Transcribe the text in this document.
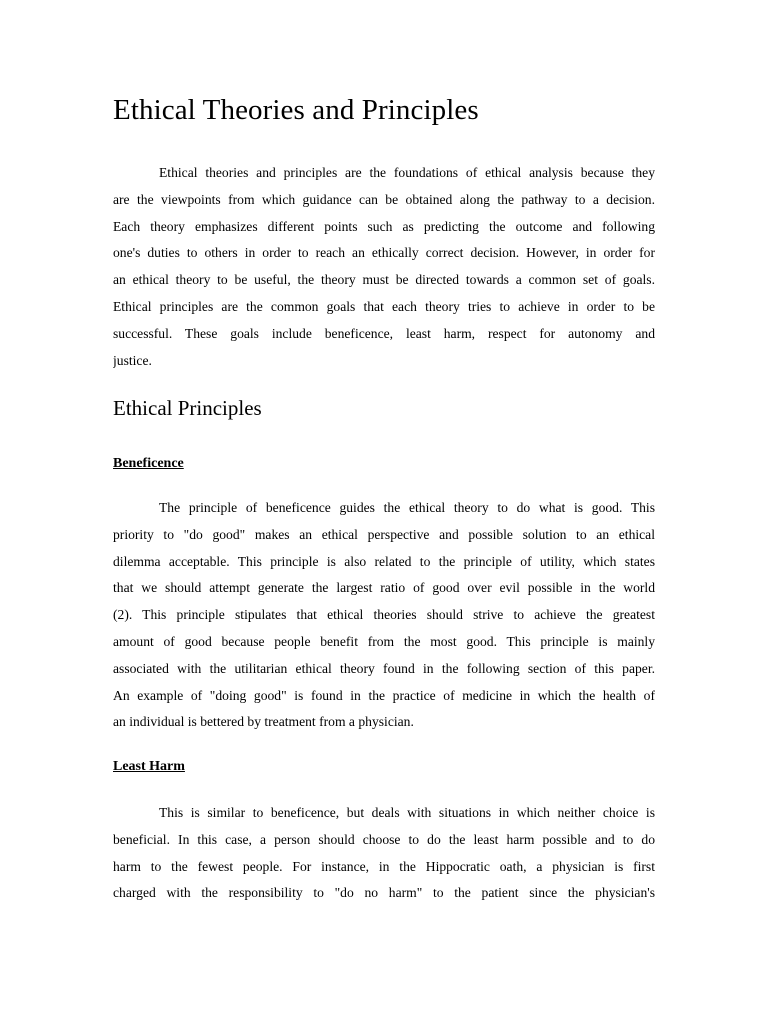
Ethical Theories and Principles
Ethical theories and principles are the foundations of ethical analysis because they
are the viewpoints from which guidance can be obtained along the pathway to a decision.
Each theory emphasizes different points such as predicting the outcome and following
one's duties to others in order to reach an ethically correct decision. However, in order for
an ethical theory to be useful, the theory must be directed towards a common set of goals.
Ethical principles are the common goals that each theory tries to achieve in order to be
successful. These goals include beneficence, least harm, respect for autonomy and
justice.
Ethical Principles
Beneficence
The principle of beneficence guides the ethical theory to do what is good. This
priority to "do good" makes an ethical perspective and possible solution to an ethical
dilemma acceptable. This principle is also related to the principle of utility, which states
that we should attempt generate the largest ratio of good over evil possible in the world
(2). This principle stipulates that ethical theories should strive to achieve the greatest
amount of good because people benefit from the most good. This principle is mainly
associated with the utilitarian ethical theory found in the following section of this paper.
An example of "doing good" is found in the practice of medicine in which the health of
an individual is bettered by treatment from a physician.
Least Harm
This is similar to beneficence, but deals with situations in which neither choice is
beneficial. In this case, a person should choose to do the least harm possible and to do
harm to the fewest people. For instance, in the Hippocratic oath, a physician is first
charged with the responsibility to "do no harm" to the patient since the physician's
